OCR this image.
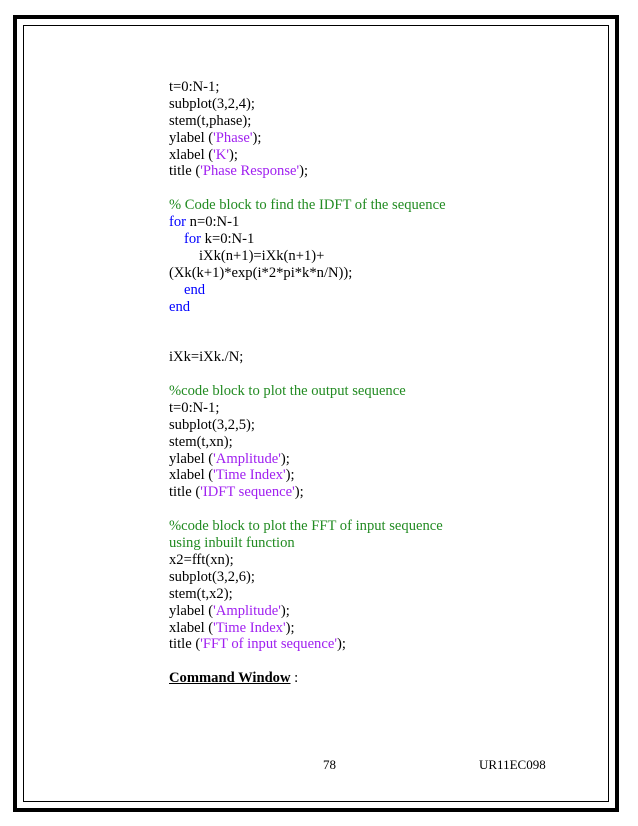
t=0:N-1;
subplot(3,2,4);
stem(t,phase);
ylabel ('Phase');
xlabel ('K');
title ('Phase Response');
% Code block to find the IDFT of the sequence
for n=0:N-1
for k=0:N-1
iXk(n+1)=iXk(n+1)+
(Xk(k+1)*exp(i*2*pi*k*n/N));
end
end
iXk=iXk./N;
%code block to plot the output sequence
t=0:N-1;
subplot(3,2,5);
stem(t,xn);
ylabel ('Amplitude');
xlabel ('Time Index');
title ('IDFT sequence');
%code block to plot the FFT of input sequence
using inbuilt function
x2=fft(xn);
subplot(3,2,6);
stem(t,x2);
ylabel ('Amplitude');
xlabel ('Time Index');
title ('FFT of input sequence');
Command Window :
78	UR11EC098
